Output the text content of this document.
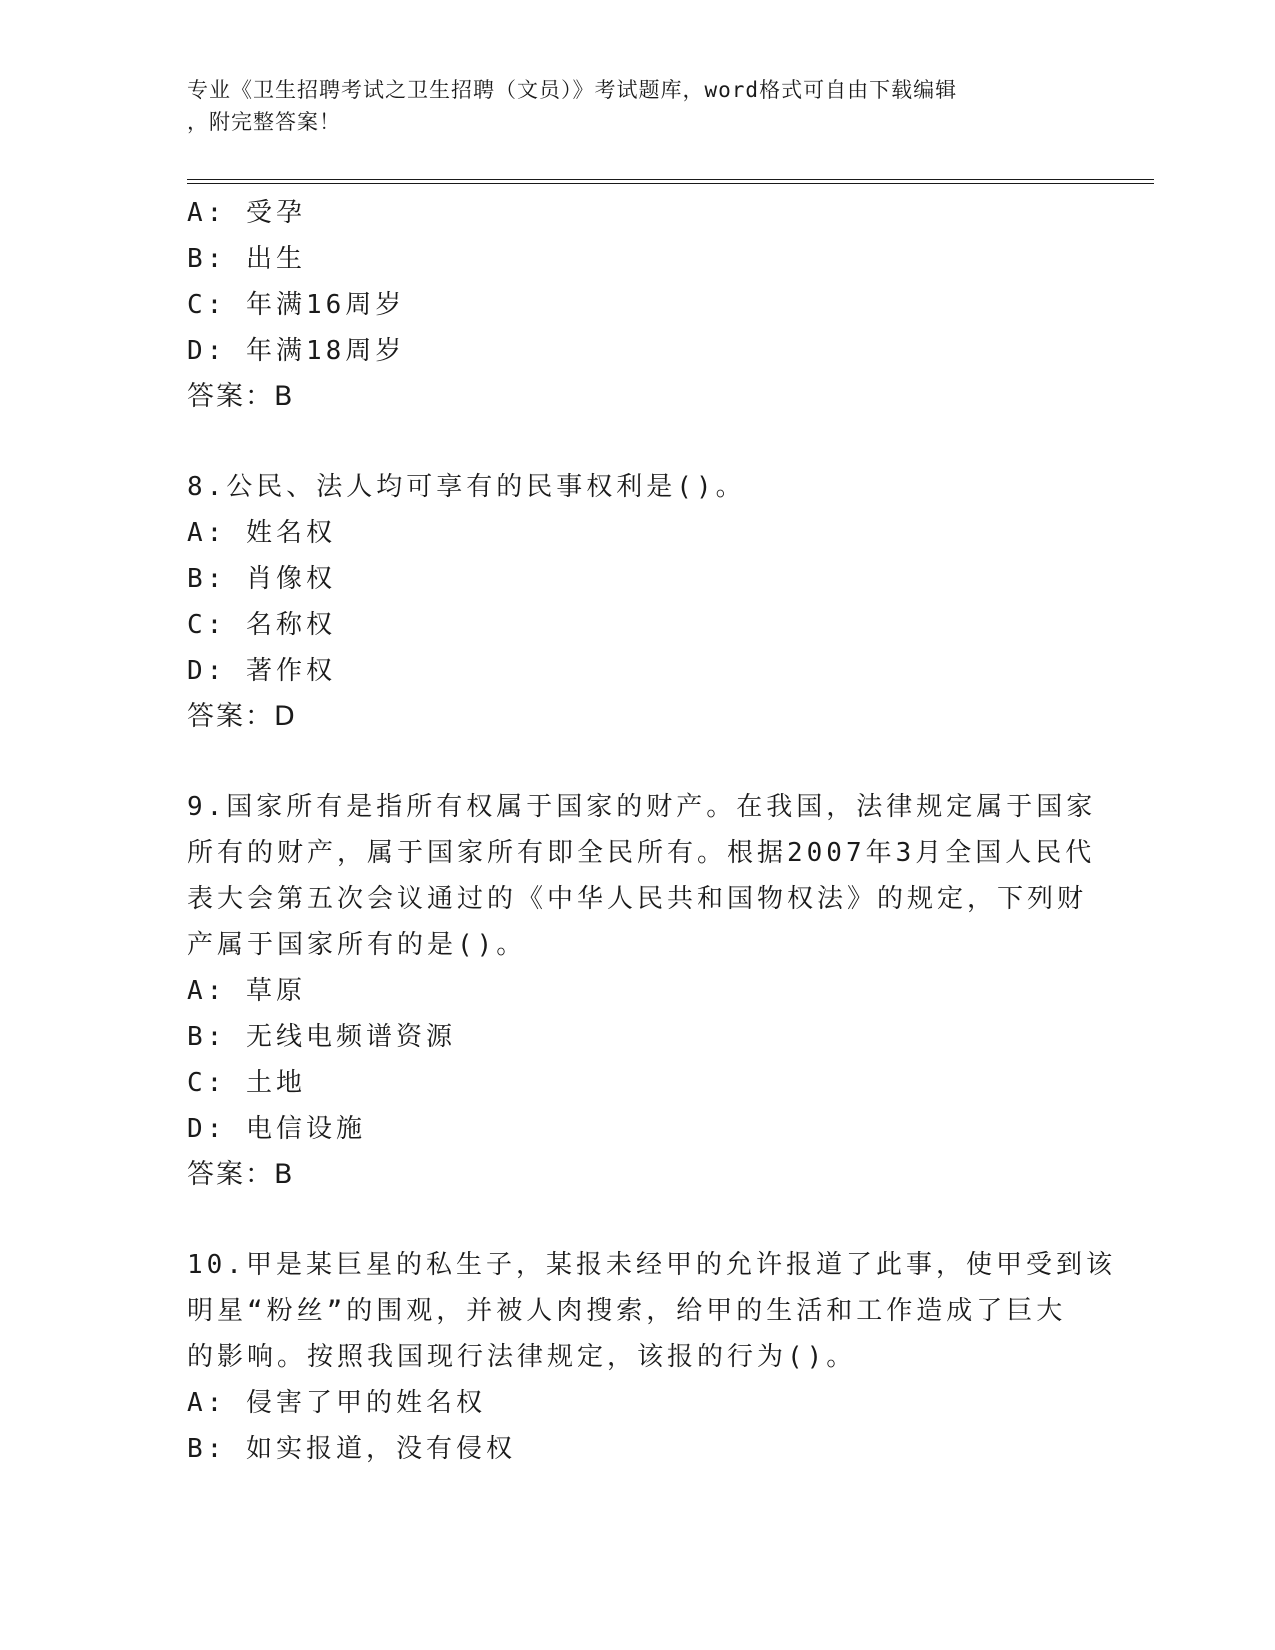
专业《卫生招聘考试之卫生招聘（文员）》考试题库，word格式可自由下载编辑
，附完整答案！
A: 受孕
B: 出生
C: 年满16周岁
D: 年满18周岁
答案：B
8.公民、法人均可享有的民事权利是()。
A: 姓名权
B: 肖像权
C: 名称权
D: 著作权
答案：D
9.国家所有是指所有权属于国家的财产。在我国，法律规定属于国家
所有的财产，属于国家所有即全民所有。根据2007年3月全国人民代
表大会第五次会议通过的《中华人民共和国物权法》的规定，下列财
产属于国家所有的是()。
A: 草原
B: 无线电频谱资源
C: 土地
D: 电信设施
答案：B
10.甲是某巨星的私生子，某报未经甲的允许报道了此事，使甲受到该
明星“粉丝”的围观，并被人肉搜索，给甲的生活和工作造成了巨大
的影响。按照我国现行法律规定，该报的行为()。
A: 侵害了甲的姓名权
B: 如实报道，没有侵权
